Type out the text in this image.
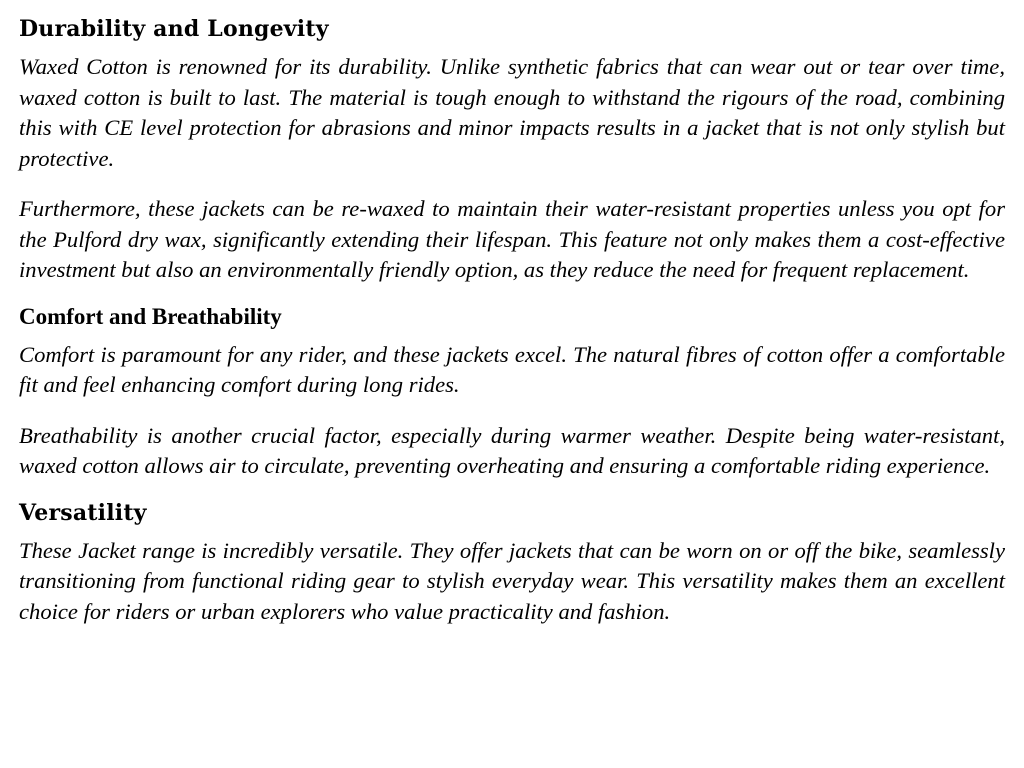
Durability and Longevity

Waxed Cotton is renowned for its durability. Unlike synthetic fabrics that can wear out or tear over time, waxed cotton is built to last. The material is tough enough to withstand the rigours of the road, combining this with CE level protection for abrasions and minor impacts results in a jacket that is not only stylish but protective.

Furthermore, these jackets can be re-waxed to maintain their water-resistant properties unless you opt for the Pulford dry wax, significantly extending their lifespan. This feature not only makes them a cost-effective investment but also an environmentally friendly option, as they reduce the need for frequent replacement.

Comfort and Breathability

Comfort is paramount for any rider, and these jackets excel. The natural fibres of cotton offer a comfortable fit and feel enhancing comfort during long rides.

Breathability is another crucial factor, especially during warmer weather. Despite being water-resistant, waxed cotton allows air to circulate, preventing overheating and ensuring a comfortable riding experience.

Versatility

These Jacket range is incredibly versatile. They offer jackets that can be worn on or off the bike, seamlessly transitioning from functional riding gear to stylish everyday wear. This versatility makes them an excellent choice for riders or urban explorers who value practicality and fashion.
